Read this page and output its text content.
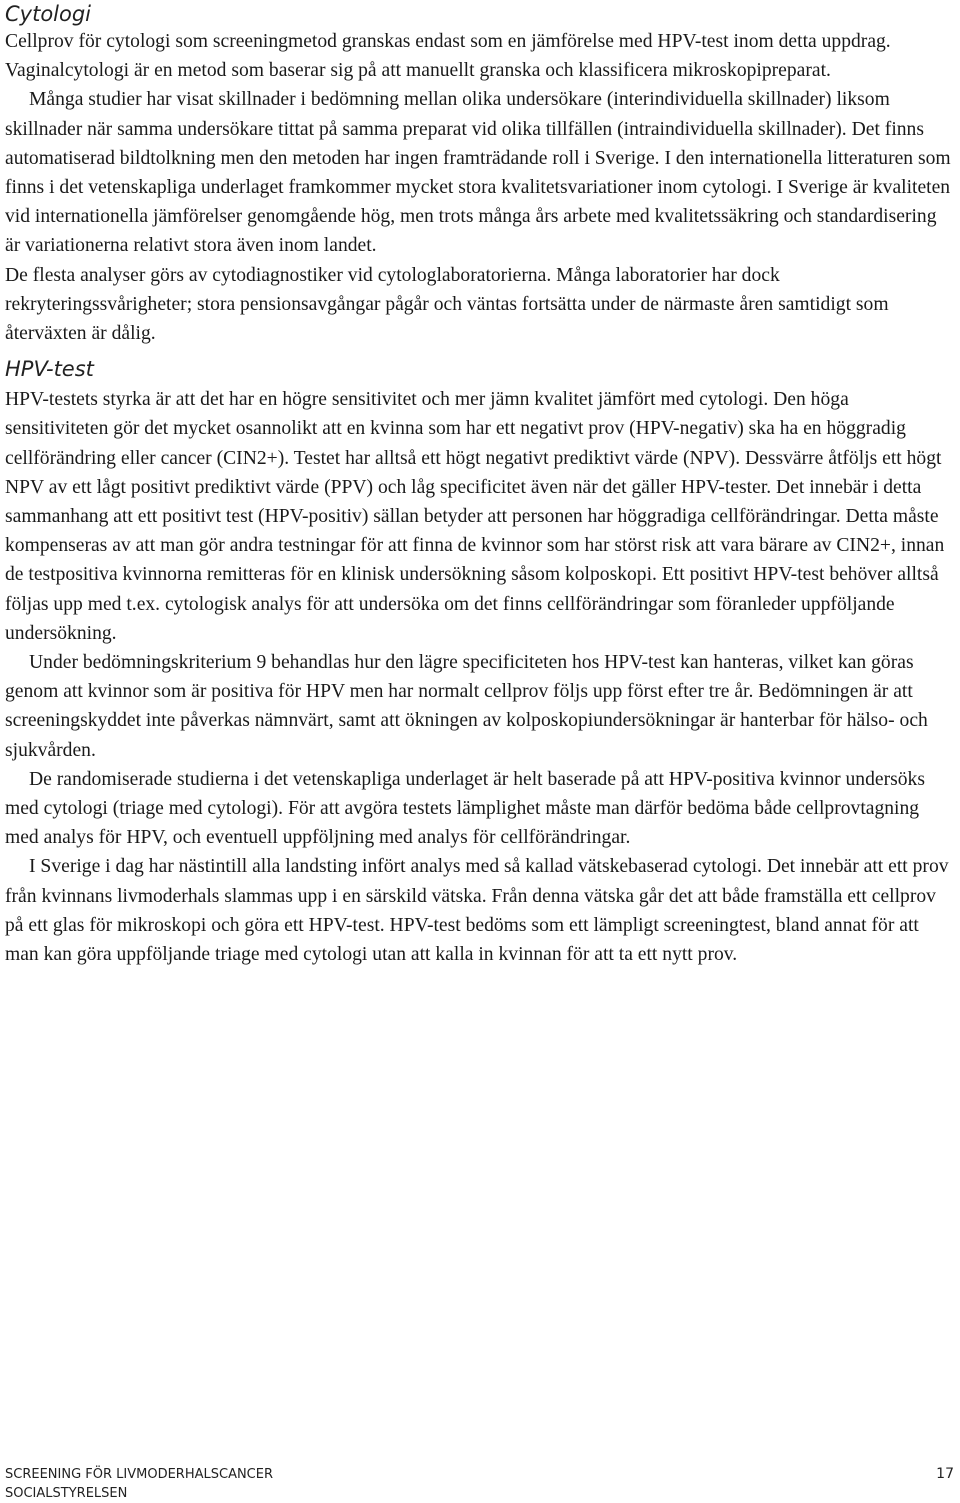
Cytologi

Cellprov för cytologi som screeningmetod granskas endast som en jämförelse med HPV-test inom detta uppdrag. Vaginalcytologi är en metod som baserar sig på att manuellt granska och klassificera mikroskopipreparat.

Många studier har visat skillnader i bedömning mellan olika undersökare (interindividuella skillnader) liksom skillnader när samma undersökare tittat på samma preparat vid olika tillfällen (intraindividuella skillnader). Det finns automatiserad bildtolkning men den metoden har ingen framträdande roll i Sverige. I den internationella litteraturen som finns i det vetenskapliga underlaget framkommer mycket stora kvalitetsvariationer inom cytologi. I Sverige är kvaliteten vid internationella jämförelser genomgående hög, men trots många års arbete med kvalitetssäkring och standardisering är variationerna relativt stora även inom landet.

De flesta analyser görs av cytodiagnostiker vid cytologlaboratorierna. Många laboratorier har dock rekryteringssvårigheter; stora pensionsavgångar pågår och väntas fortsätta under de närmaste åren samtidigt som återväxten är dålig.

HPV-test

HPV-testets styrka är att det har en högre sensitivitet och mer jämn kvalitet jämfört med cytologi. Den höga sensitiviteten gör det mycket osannolikt att en kvinna som har ett negativt prov (HPV-negativ) ska ha en höggradig cellförändring eller cancer (CIN2+). Testet har alltså ett högt negativt prediktivt värde (NPV). Dessvärre åtföljs ett högt NPV av ett lågt positivt prediktivt värde (PPV) och låg specificitet även när det gäller HPV-tester. Det innebär i detta sammanhang att ett positivt test (HPV-positiv) sällan betyder att personen har höggradiga cellförändringar. Detta måste kompenseras av att man gör andra testningar för att finna de kvinnor som har störst risk att vara bärare av CIN2+, innan de testpositiva kvinnorna remitteras för en klinisk undersökning såsom kolposkopi. Ett positivt HPV-test behöver alltså följas upp med t.ex. cytologisk analys för att undersöka om det finns cellförändringar som föranleder uppföljande undersökning.

Under bedömningskriterium 9 behandlas hur den lägre specificiteten hos HPV-test kan hanteras, vilket kan göras genom att kvinnor som är positiva för HPV men har normalt cellprov följs upp först efter tre år. Bedömningen är att screeningskyddet inte påverkas nämnvärt, samt att ökningen av kolposkopiundersökningar är hanterbar för hälso- och sjukvården.

De randomiserade studierna i det vetenskapliga underlaget är helt baserade på att HPV-positiva kvinnor undersöks med cytologi (triage med cytologi). För att avgöra testets lämplighet måste man därför bedöma både cellprovtagning med analys för HPV, och eventuell uppföljning med analys för cellförändringar.

I Sverige i dag har nästintill alla landsting infört analys med så kallad vätskebaserad cytologi. Det innebär att ett prov från kvinnans livmoderhals slammas upp i en särskild vätska. Från denna vätska går det att både framställa ett cellprov på ett glas för mikroskopi och göra ett HPV-test. HPV-test bedöms som ett lämpligt screeningtest, bland annat för att man kan göra uppföljande triage med cytologi utan att kalla in kvinnan för att ta ett nytt prov.

SCREENING FÖR LIVMODERHALSCANCER
SOCIALSTYRELSEN
17
